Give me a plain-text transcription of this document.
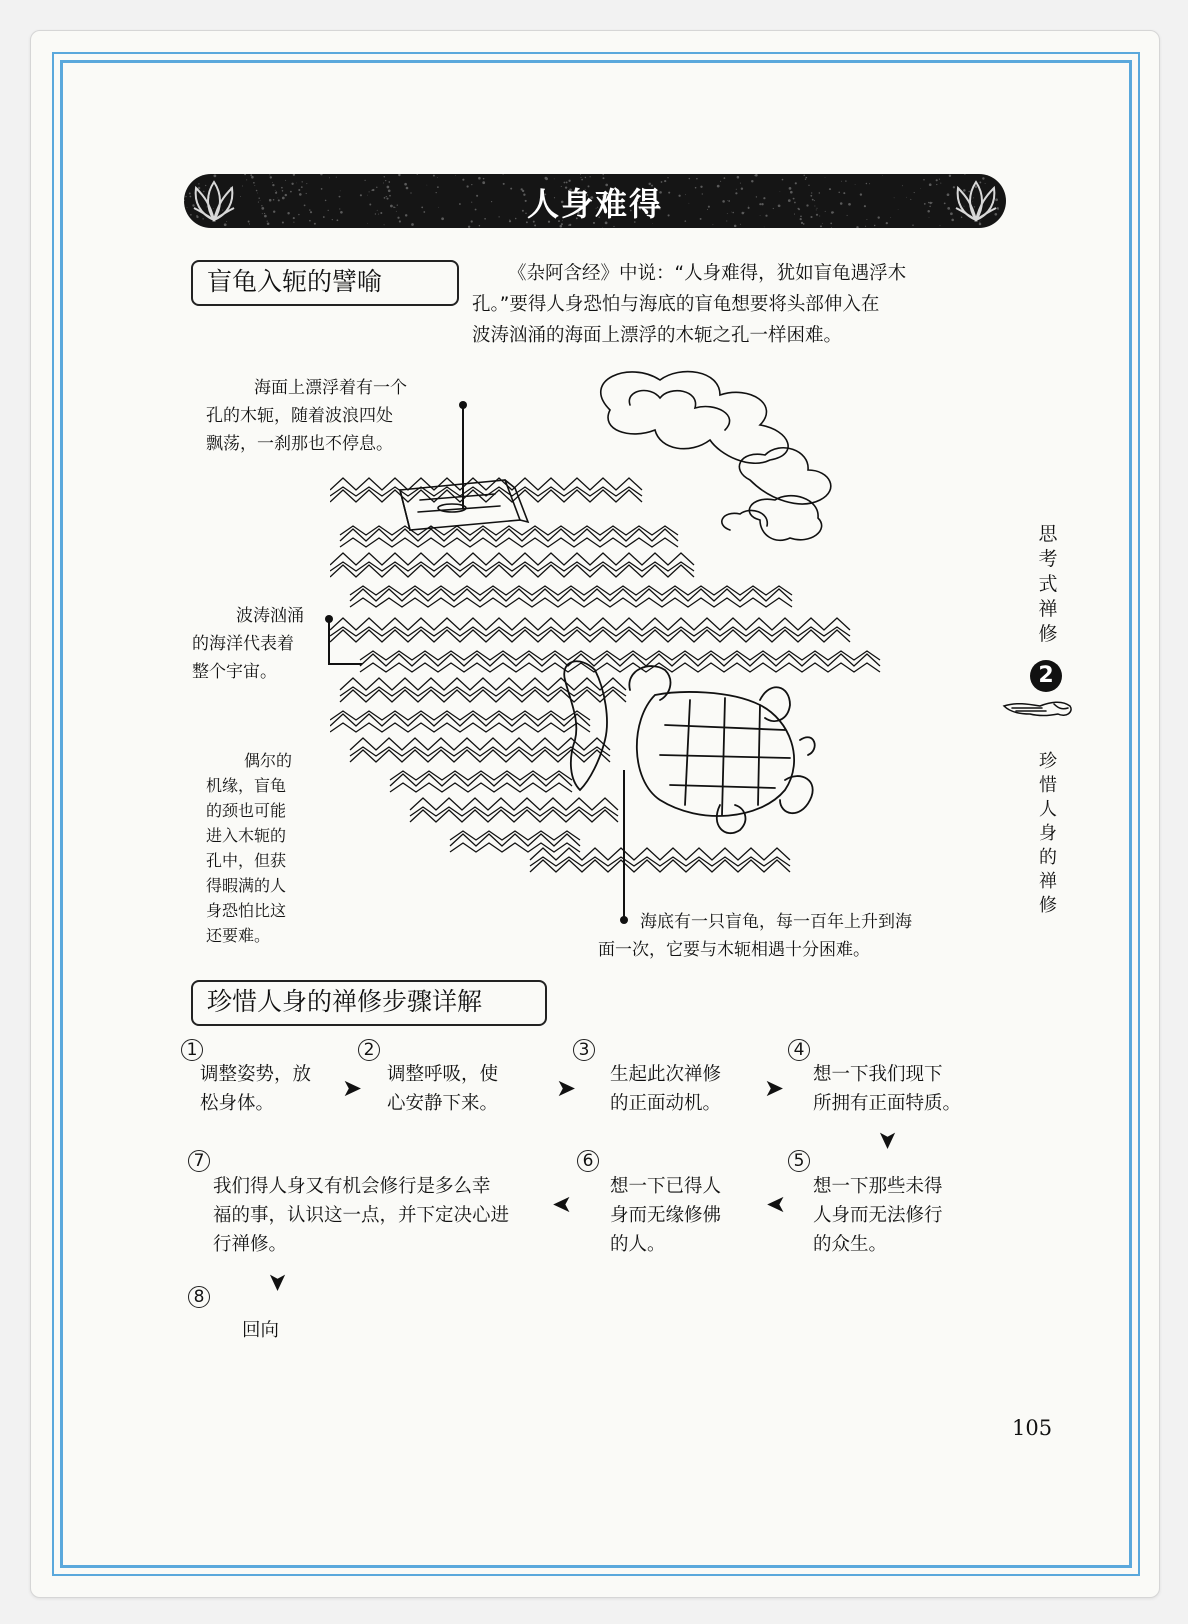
人身难得
盲龟入轭的譬喻	《杂阿含经》中说：“人身难得，犹如盲龟遇浮木
孔。”要得人身恐怕与海底的盲龟想要将头部伸入在
波涛汹涌的海面上漂浮的木轭之孔一样困难。
海面上漂浮着有一个
孔的木轭，随着波浪四处
飘荡，一刹那也不停息。
波涛汹涌
的海洋代表着
整个宇宙。
偶尔的
机缘，盲龟
的颈也可能
进入木轭的
孔中，但获
得暇满的人
身恐怕比这
还要难。
海底有一只盲龟，每一百年上升到海
面一次，它要与木轭相遇十分困难。
思
考
式
禅
修
2
珍
惜
人
身
的
禅
修
珍惜人身的禅修步骤详解
1
调整姿势，放
松身体。
➤
2
调整呼吸，使
心安静下来。
➤
3
生起此次禅修
的正面动机。
➤
4
想一下我们现下
所拥有正面特质。
➤
7
我们得人身又有机会修行是多么幸
福的事，认识这一点，并下定决心进
行禅修。
➤
6
想一下已得人
身而无缘修佛
的人。
➤
5
想一下那些未得
人身而无法修行
的众生。
➤
8
回向
105
